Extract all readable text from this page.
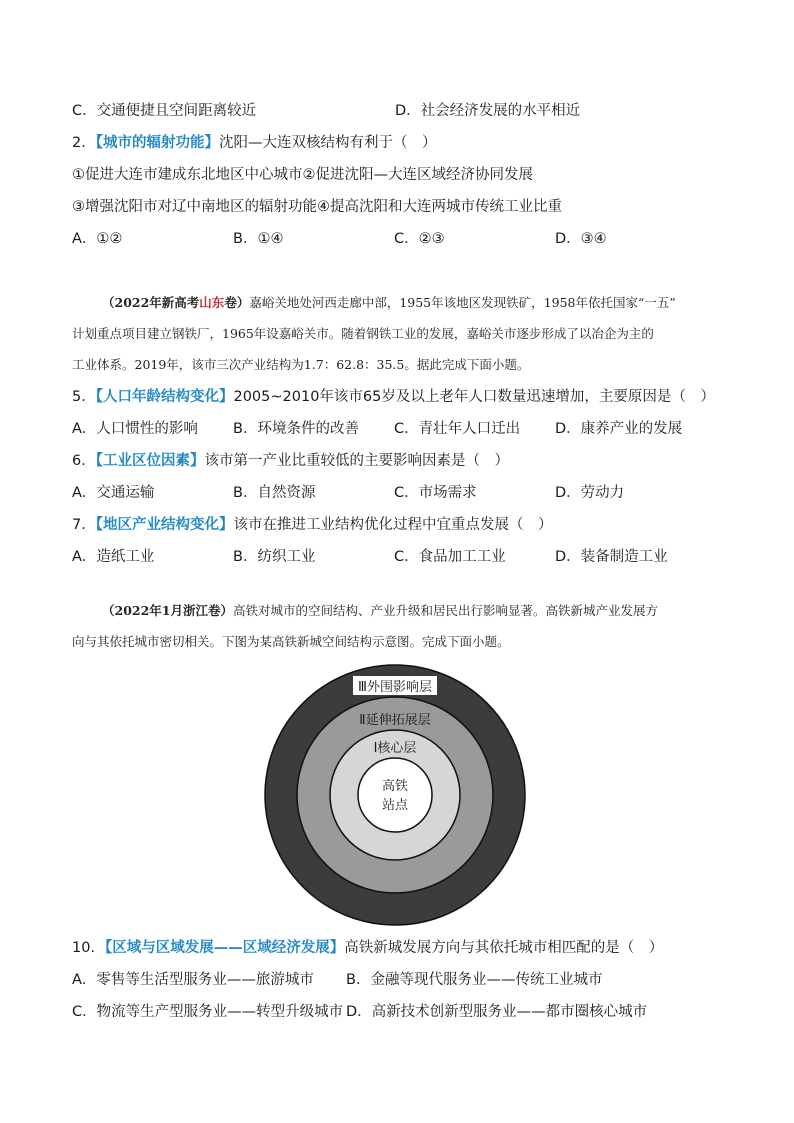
C．交通便捷且空间距离较近	D．社会经济发展的水平相近
2．【城市的辐射功能】沈阳—大连双核结构有利于（　）
①促进大连市建成东北地区中心城市②促进沈阳—大连区域经济协同发展
③增强沈阳市对辽中南地区的辐射功能④提高沈阳和大连两城市传统工业比重
A．①②	B．①④	C．②③	D．③④
（2022年新高考山东卷）嘉峪关地处河西走廊中部，1955年该地区发现铁矿，1958年依托国家“一五”
计划重点项目建立钢铁厂，1965年设嘉峪关市。随着钢铁工业的发展，嘉峪关市逐步形成了以冶企为主的
工业体系。2019年，该市三次产业结构为1.7：62.8：35.5。据此完成下面小题。
5．【人口年龄结构变化】2005~2010年该市65岁及以上老年人口数量迅速增加，主要原因是（　）
A．人口惯性的影响 B．环境条件的改善 C．青壮年人口迁出 D．康养产业的发展
6．【工业区位因素】该市第一产业比重较低的主要影响因素是（　）
A．交通运输	B．自然资源	C．市场需求	D．劳动力
7．【地区产业结构变化】该市在推进工业结构优化过程中宜重点发展（　）
A．造纸工业	B．纺织工业	C．食品加工工业	D．装备制造工业
（2022年1月浙江卷）高铁对城市的空间结构、产业升级和居民出行影响显著。高铁新城产业发展方
向与其依托城市密切相关。下图为某高铁新城空间结构示意图。完成下面小题。
Ⅲ外围影响层
Ⅱ延伸拓展层
Ⅰ核心层
高铁
站点
10．【区域与区域发展——区域经济发展】高铁新城发展方向与其依托城市相匹配的是（　）
A．零售等生活型服务业——旅游城市 B．金融等现代服务业——传统工业城市
C．物流等生产型服务业——转型升级城市 D．高新技术创新型服务业——都市圈核心城市
